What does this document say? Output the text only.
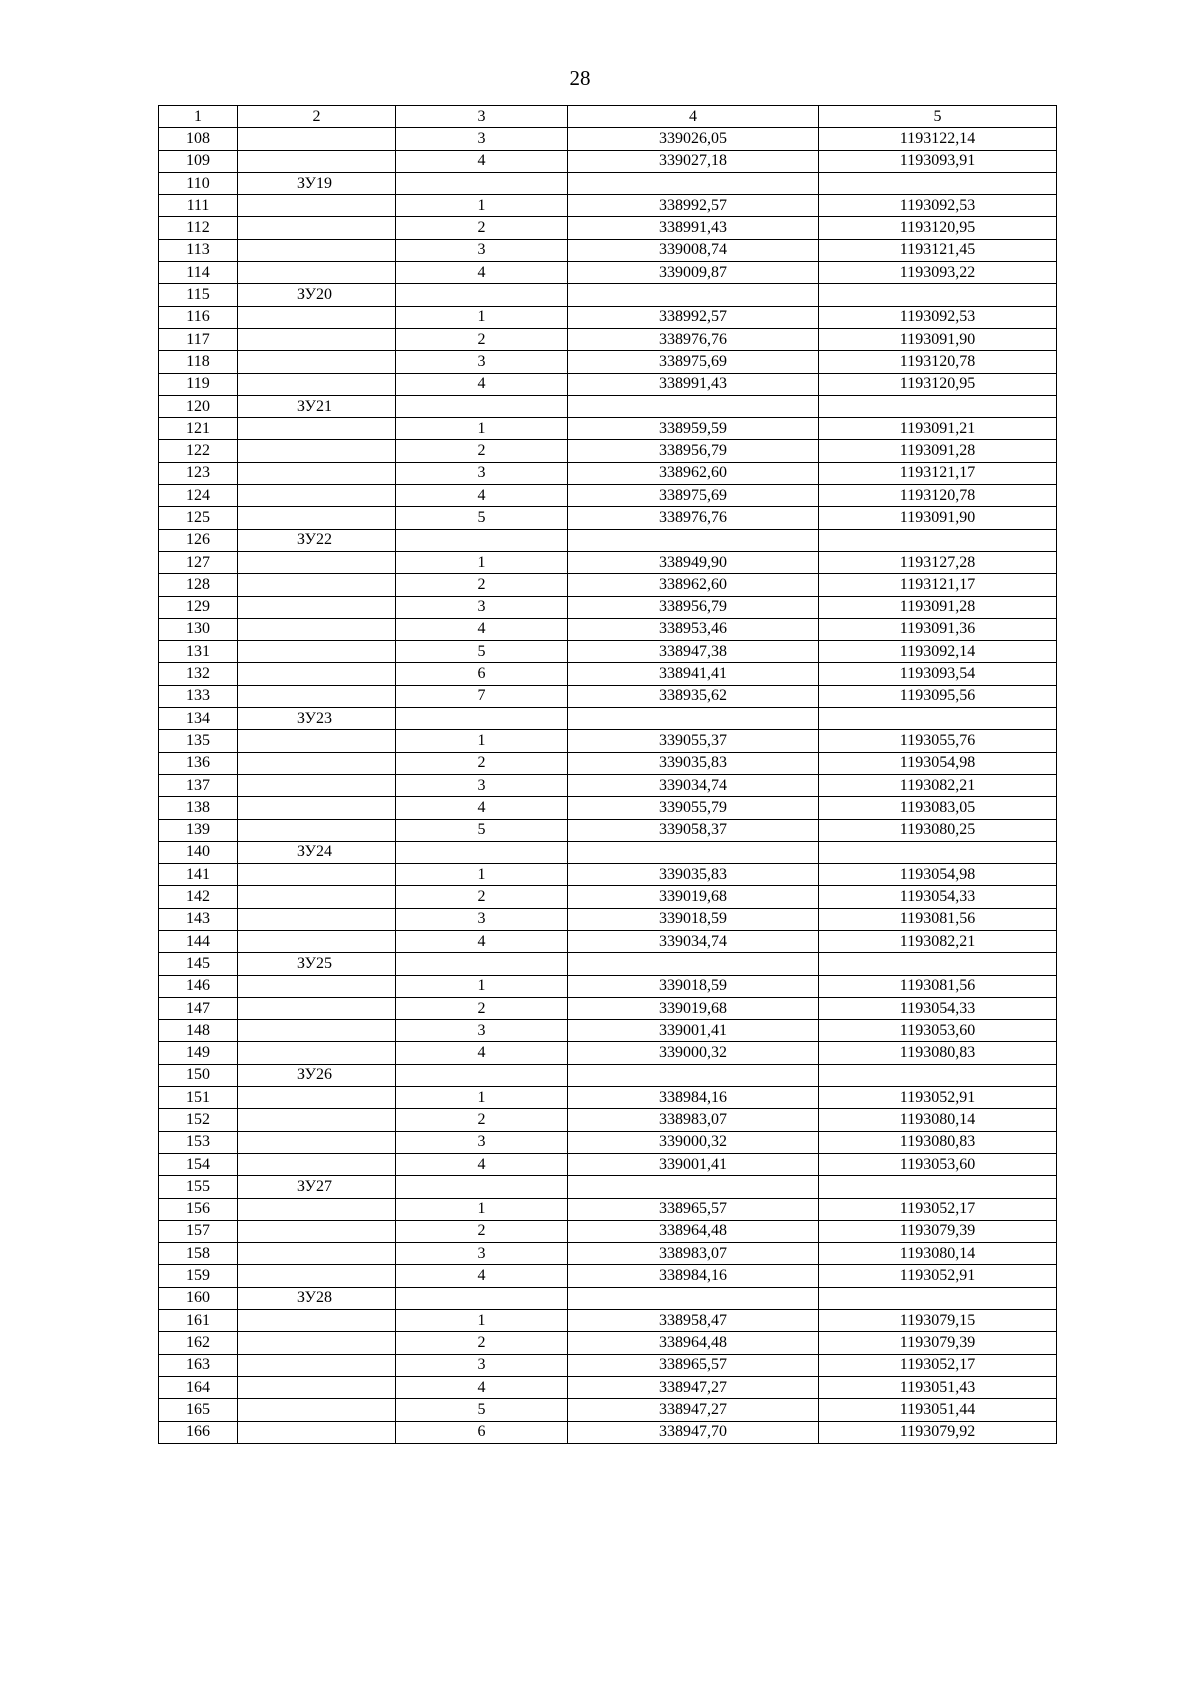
28
1	2	3	4	5
108		3	339026,05	1193122,14
109		4	339027,18	1193093,91
110	ЗУ19			
111		1	338992,57	1193092,53
112		2	338991,43	1193120,95
113		3	339008,74	1193121,45
114		4	339009,87	1193093,22
115	ЗУ20			
116		1	338992,57	1193092,53
117		2	338976,76	1193091,90
118		3	338975,69	1193120,78
119		4	338991,43	1193120,95
120	ЗУ21			
121		1	338959,59	1193091,21
122		2	338956,79	1193091,28
123		3	338962,60	1193121,17
124		4	338975,69	1193120,78
125		5	338976,76	1193091,90
126	ЗУ22			
127		1	338949,90	1193127,28
128		2	338962,60	1193121,17
129		3	338956,79	1193091,28
130		4	338953,46	1193091,36
131		5	338947,38	1193092,14
132		6	338941,41	1193093,54
133		7	338935,62	1193095,56
134	ЗУ23			
135		1	339055,37	1193055,76
136		2	339035,83	1193054,98
137		3	339034,74	1193082,21
138		4	339055,79	1193083,05
139		5	339058,37	1193080,25
140	ЗУ24			
141		1	339035,83	1193054,98
142		2	339019,68	1193054,33
143		3	339018,59	1193081,56
144		4	339034,74	1193082,21
145	ЗУ25			
146		1	339018,59	1193081,56
147		2	339019,68	1193054,33
148		3	339001,41	1193053,60
149		4	339000,32	1193080,83
150	ЗУ26			
151		1	338984,16	1193052,91
152		2	338983,07	1193080,14
153		3	339000,32	1193080,83
154		4	339001,41	1193053,60
155	ЗУ27			
156		1	338965,57	1193052,17
157		2	338964,48	1193079,39
158		3	338983,07	1193080,14
159		4	338984,16	1193052,91
160	ЗУ28			
161		1	338958,47	1193079,15
162		2	338964,48	1193079,39
163		3	338965,57	1193052,17
164		4	338947,27	1193051,43
165		5	338947,27	1193051,44
166		6	338947,70	1193079,92
